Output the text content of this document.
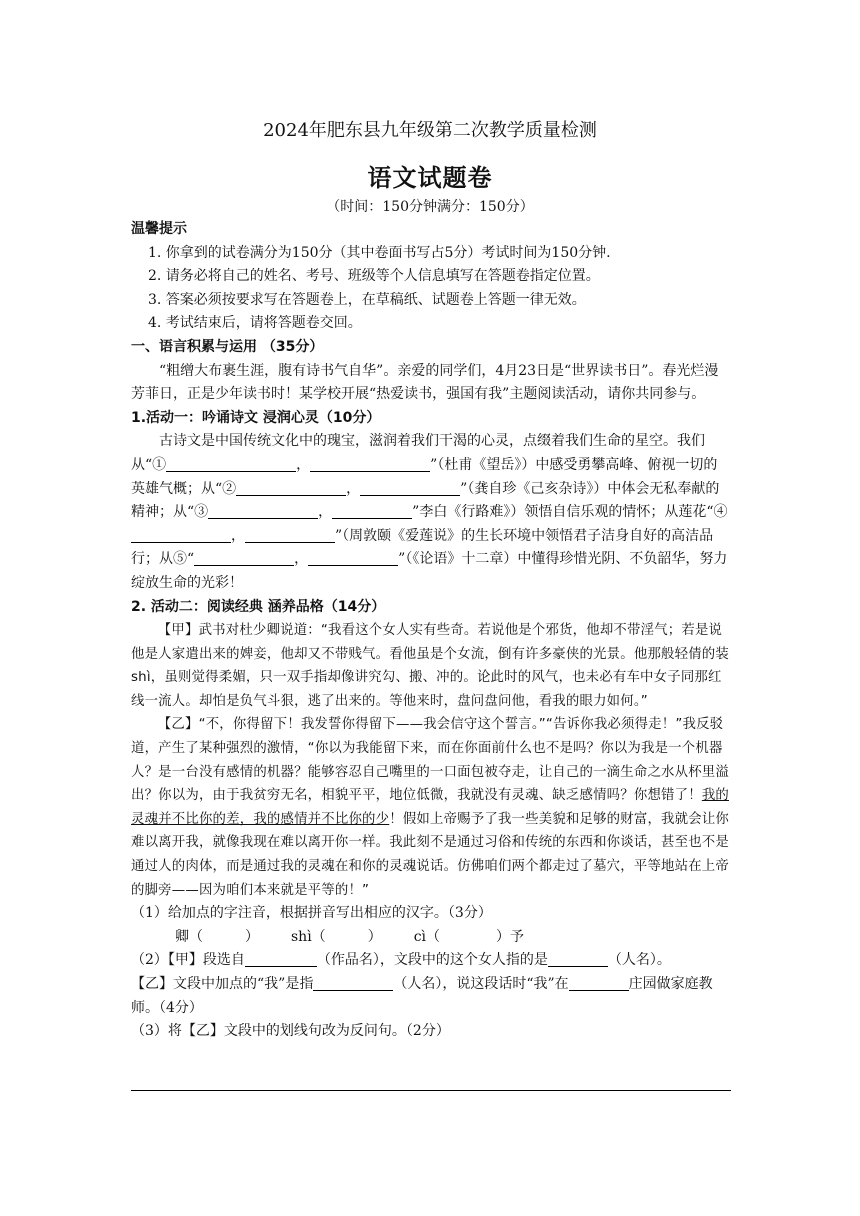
2024年肥东县九年级第二次教学质量检测
语文试题卷
（时间：150分钟满分：150分）

温馨提示

1. 你拿到的试卷满分为150分（其中卷面书写占5分）考试时间为150分钟.

2. 请务必将自己的姓名、考号、班级等个人信息填写在答题卷指定位置。

3. 答案必须按要求写在答题卷上，在草稿纸、试题卷上答题一律无效。

4. 考试结束后，请将答题卷交回。

一、语言积累与运用 （35分）

“粗缯大布裹生涯，腹有诗书气自华”。亲爱的同学们，4月23日是“世界读书日”。春光烂漫芳菲日，正是少年读书时！某学校开展“热爱读书，强国有我”主题阅读活动，请你共同参与。

1.活动一：吟诵诗文 浸润心灵（10分）

古诗文是中国传统文化中的瑰宝，滋润着我们干渴的心灵，点缀着我们生命的星空。我们从“①	，	”（杜甫《望岳》）中感受勇攀高峰、俯视一切的英雄气概；从“②	，	”（龚自珍《己亥杂诗》）中体会无私奉献的精神；从“③	，	”李白《行路难》）领悟自信乐观的情怀；从莲花“④，	”（周敦颐《爱莲说》的生长环境中领悟君子洁身自好的高洁品行；从⑤“	，	”（《论语》十二章）中懂得珍惜光阴、不负韶华，努力绽放生命的光彩！

2. 活动二：阅读经典 涵养品格（14分）

【甲】武书对杜少卿说道：“我看这个女人实有些奇。若说他是个邪货，他却不带淫气；若是说他是人家遣出来的婢妾，他却又不带贱气。看他虽是个女流，倒有许多豪侠的光景。他那般轻倩的装shì，虽则觉得柔媚，只一双手指却像讲究勾、搬、冲的。论此时的风气，也未必有车中女子同那红线一流人。却怕是负气斗狠，逃了出来的。等他来时，盘问盘问他，看我的眼力如何。”

【乙】“不，你得留下！我发誓你得留下——我会信守这个誓言。”“告诉你我必须得走！”我反驳道，产生了某种强烈的激情，“你以为我能留下来，而在你面前什么也不是吗？你以为我是一个机器人？是一台没有感情的机器？能够容忍自己嘴里的一口面包被夺走，让自己的一滴生命之水从杯里溢出？你以为，由于我贫穷无名，相貌平平，地位低微，我就没有灵魂、缺乏感情吗？你想错了！我的灵魂并不比你的差，我的感情并不比你的少！假如上帝赐予了我一些美貌和足够的财富，我就会让你难以离开我，就像我现在难以离开你一样。我此刻不是通过习俗和传统的东西和你谈话，甚至也不是通过人的肉体，而是通过我的灵魂在和你的灵魂说话。仿佛咱们两个都走过了墓穴，平等地站在上帝的脚旁——因为咱们本来就是平等的！”

（1）给加点的字注音，根据拼音写出相应的汉字。（3分）

卿（	） shì（	） cì（	）予

（2）【甲】段选自	（作品名），文段中的这个女人指的是	（人名）。

【乙】文段中加点的“我”是指	（人名），说这段话时“我”在	庄园做家庭教师。（4分）

（3）将【乙】文段中的划线句改为反问句。（2分）
